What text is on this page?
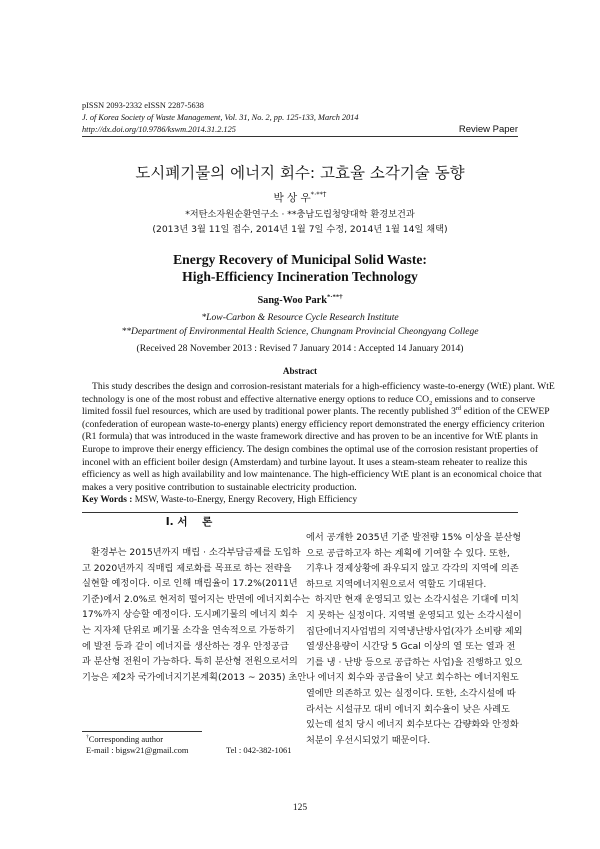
pISSN 2093-2332 eISSN 2287-5638
J. of Korea Society of Waste Management, Vol. 31, No. 2, pp. 125-133, March 2014
http://dx.doi.org/10.9786/kswm.2014.31.2.125	Review Paper
도시폐기물의 에너지 회수: 고효율 소각기술 동향
박 상 우*·**†
*저탄소자원순환연구소 · **충남도립청양대학 환경보건과
(2013년 3월 11일 접수, 2014년 1월 7일 수정, 2014년 1월 14일 채택)
Energy Recovery of Municipal Solid Waste:
High-Efficiency Incineration Technology
Sang-Woo Park*·**†
*Low-Carbon & Resource Cycle Research Institute
**Department of Environmental Health Science, Chungnam Provincial Cheongyang College
(Received 28 November 2013 : Revised 7 January 2014 : Accepted 14 January 2014)
Abstract
This study describes the design and corrosion-resistant materials for a high-efficiency waste-to-energy (WtE) plant. WtE
technology is one of the most robust and effective alternative energy options to reduce $CO_2$ emissions and to conserve
limited fossil fuel resources, which are used by traditional power plants. The recently published 3rd edition of the CEWEP
(confederation of european waste-to-energy plants) energy efficiency report demonstrated the energy efficiency criterion
(R1 formula) that was introduced in the waste framework directive and has proven to be an incentive for WtE plants in
Europe to improve their energy efficiency. The design combines the optimal use of the corrosion resistant properties of
inconel with an efficient boiler design (Amsterdam) and turbine layout. It uses a steam-steam reheater to realize this
efficiency as well as high availability and low maintenance. The high-efficiency WtE plant is an economical choice that
makes a very positive contribution to sustainable electricity production.
Key Words : MSW, Waste-to-Energy, Energy Recovery, High Efficiency
I. 서    론
환경부는 2015년까지 매립 · 소각부담금제를 도입하
고 2020년까지 직매립 제로화를 목표로 하는 전략을
실현할 예정이다. 이로 인해 매립율이 17.2%(2011년
기준)에서 2.0%로 현저히 떨어지는 반면에 에너지회수는
17%까지 상승할 예정이다. 도시폐기물의 에너지 회수
는 지자체 단위로 폐기물 소각을 연속적으로 가동하기
에 발전 등과 같이 에너지를 생산하는 경우 안정공급
과 분산형 전원이 가능하다. 특히 분산형 전원으로서의
기능은 제2차 국가에너지기본계획(2013 ~ 2035) 초안
에서 공개한 2035년 기준 발전량 15% 이상을 분산형
으로 공급하고자 하는 계획에 기여할 수 있다. 또한,
기후나 경제상황에 좌우되지 않고 각각의 지역에 의존
하므로 지역에너지원으로서 역할도 기대된다.
하지만 현재 운영되고 있는 소각시설은 기대에 미치
지 못하는 실정이다. 지역별 운영되고 있는 소각시설이
집단에너지사업법의 지역냉난방사업(자가 소비량 제외
열생산용량이 시간당 5 Gcal 이상의 열 또는 열과 전
기를 냉 · 난방 등으로 공급하는 사업)을 진행하고 있으
나 에너지 회수와 공급율이 낮고 회수하는 에너지원도
열에만 의존하고 있는 실정이다. 또한, 소각시설에 따
라서는 시설규모 대비 에너지 회수율이 낮은 사례도
있는데 설치 당시 에너지 회수보다는 감량화와 안정화
처분이 우선시되었기 때문이다.
†Corresponding author
E-mail : bigsw21@gmail.com	Tel : 042-382-1061
125
